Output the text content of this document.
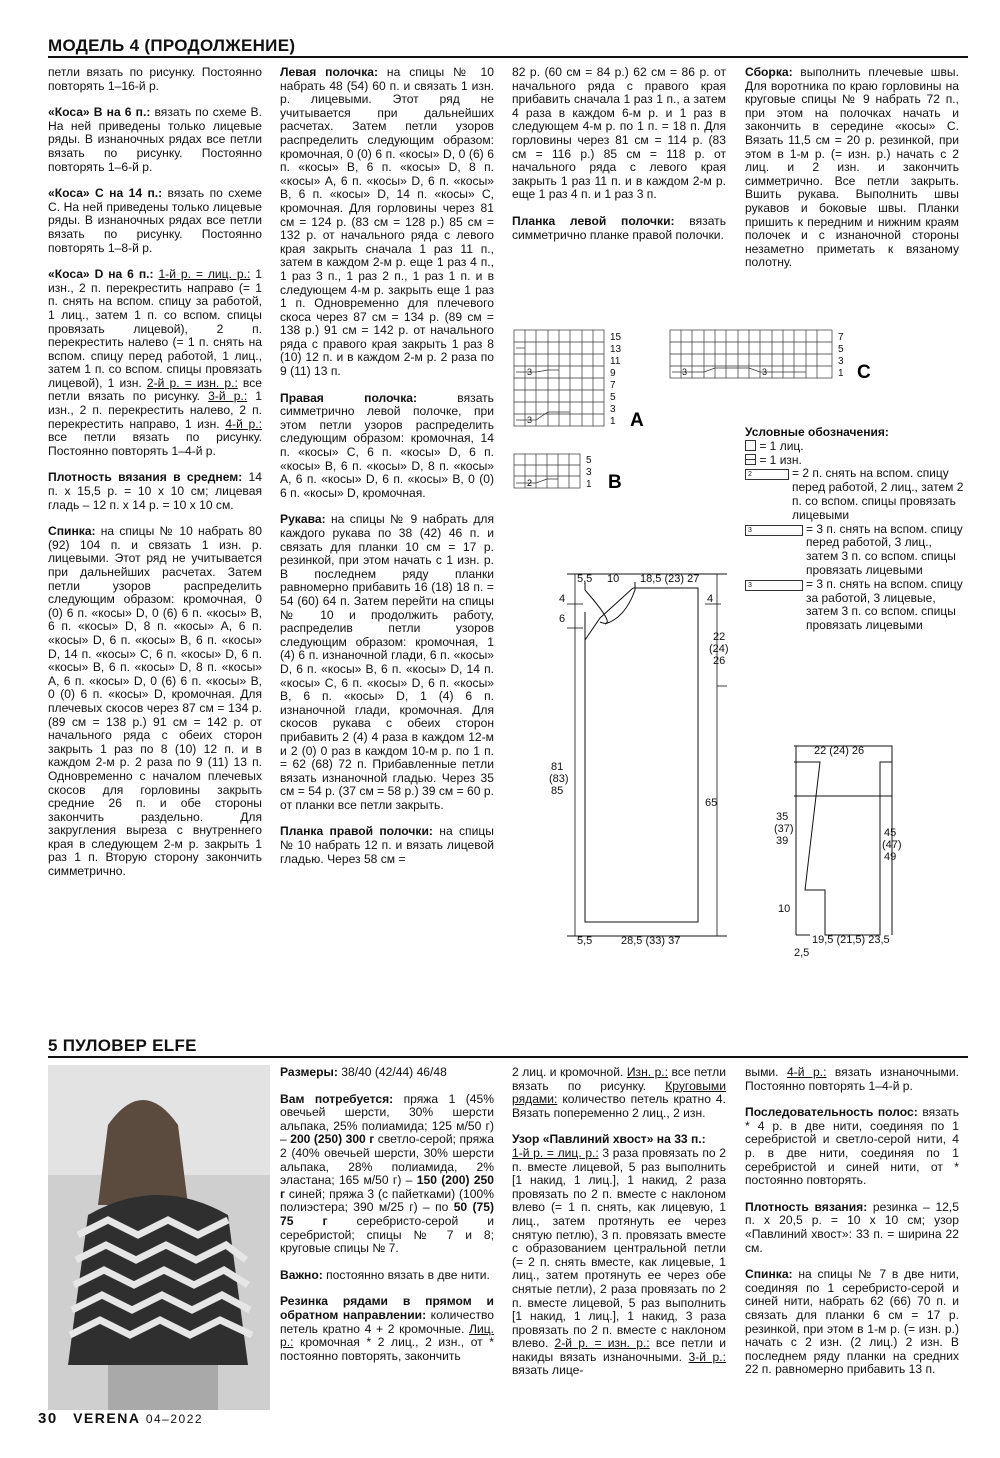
МОДЕЛЬ 4 (ПРОДОЛЖЕНИЕ)

петли вязать по рисунку. Постоянно повторять 1–16-й р.

«Коса» В на 6 п.: вязать по схеме В. На ней приведены только лицевые ряды. В изнаночных рядах все петли вязать по рисунку. Постоянно повторять 1–6-й р.

«Коса» С на 14 п.: вязать по схеме С. На ней приведены только лицевые ряды. В изнаночных рядах все петли вязать по рисунку. Постоянно повторять 1–8-й р.

«Коса» D на 6 п.: 1-й р. = лиц. р.: 1 изн., 2 п. перекрестить направо (= 1 п. снять на вспом. спицу за работой, 1 лиц., затем 1 п. со вспом. спицы провязать лицевой), 2 п. перекрестить налево (= 1 п. снять на вспом. спицу перед работой, 1 лиц., затем 1 п. со вспом. спицы провязать лицевой), 1 изн. 2-й р. = изн. р.: все петли вязать по рисунку. 3-й р.: 1 изн., 2 п. перекрестить налево, 2 п. перекрестить направо, 1 изн. 4-й р.: все петли вязать по рисунку. Постоянно повторять 1–4-й р.

Плотность вязания в среднем: 14 п. х 15,5 р. = 10 х 10 см; лицевая гладь – 12 п. х 14 р. = 10 х 10 см.

Спинка: на спицы № 10 набрать 80 (92) 104 п. и связать 1 изн. р. лицевыми. Этот ряд не учитывается при дальнейших расчетах. Затем петли узоров распределить следующим образом: кромочная, 0 (0) 6 п. «косы» D, 0 (6) 6 п. «косы» В, 6 п. «косы» D, 8 п. «косы» А, 6 п. «косы» D, 6 п. «косы» В, 6 п. «косы» D, 14 п. «косы» С, 6 п. «косы» D, 6 п. «косы» В, 6 п. «косы» D, 8 п. «косы» А, 6 п. «косы» D, 0 (6) 6 п. «косы» В, 0 (0) 6 п. «косы» D, кромочная. Для плечевых скосов через 87 см = 134 р. (89 см = 138 р.) 91 см = 142 р. от начального ряда с обеих сторон закрыть 1 раз по 8 (10) 12 п. и в каждом 2-м р. 2 раза по 9 (11) 13 п. Одновременно с началом плечевых скосов для горловины закрыть средние 26 п. и обе стороны закончить раздельно. Для закругления выреза с внутреннего края в следующем 2-м р. закрыть 1 раз 1 п. Вторую сторону закончить симметрично.

Левая полочка: на спицы № 10 набрать 48 (54) 60 п. и связать 1 изн. р. лицевыми. Этот ряд не учитывается при дальнейших расчетах. Затем петли узоров распределить следующим образом: кромочная, 0 (0) 6 п. «косы» D, 0 (6) 6 п. «косы» В, 6 п. «косы» D, 8 п. «косы» А, 6 п. «косы» D, 6 п. «косы» В, 6 п. «косы» D, 14 п. «косы» С, кромочная. Для горловины через 81 см = 124 р. (83 см = 128 р.) 85 см = 132 р. от начального ряда с левого края закрыть сначала 1 раз 11 п., затем в каждом 2-м р. еще 1 раз 4 п., 1 раз 3 п., 1 раз 2 п., 1 раз 1 п. и в следующем 4-м р. закрыть еще 1 раз 1 п. Одновременно для плечевого скоса через 87 см = 134 р. (89 см = 138 р.) 91 см = 142 р. от начального ряда с правого края закрыть 1 раз 8 (10) 12 п. и в каждом 2-м р. 2 раза по 9 (11) 13 п.

Правая полочка: вязать симметрично левой полочке, при этом петли узоров распределить следующим образом: кромочная, 14 п. «косы» С, 6 п. «косы» D, 6 п. «косы» В, 6 п. «косы» D, 8 п. «косы» А, 6 п. «косы» D, 6 п. «косы» В, 0 (0) 6 п. «косы» D, кромочная.

Рукава: на спицы № 9 набрать для каждого рукава по 38 (42) 46 п. и связать для планки 10 см = 17 р. резинкой, при этом начать с 1 изн. р. В последнем ряду планки равномерно прибавить 16 (18) 18 п. = 54 (60) 64 п. Затем перейти на спицы № 10 и продолжить работу, распределив петли узоров следующим образом: кромочная, 1 (4) 6 п. изнаночной глади, 6 п. «косы» D, 6 п. «косы» В, 6 п. «косы» D, 14 п. «косы» С, 6 п. «косы» D, 6 п. «косы» В, 6 п. «косы» D, 1 (4) 6 п. изнаночной глади, кромочная. Для скосов рукава с обеих сторон прибавить 2 (4) 4 раза в каждом 12-м и 2 (0) 0 раз в каждом 10-м р. по 1 п. = 62 (68) 72 п. Прибавленные петли вязать изнаночной гладью. Через 35 см = 54 р. (37 см = 58 р.) 39 см = 60 р. от планки все петли закрыть.

Планка правой полочки: на спицы № 10 набрать 12 п. и вязать лицевой гладью. Через 58 см =

82 р. (60 см = 84 р.) 62 см = 86 р. от начального ряда с правого края прибавить сначала 1 раз 1 п., а затем 4 раза в каждом 6-м р. и 1 раз в следующем 4-м р. по 1 п. = 18 п. Для горловины через 81 см = 114 р. (83 см = 116 р.) 85 см = 118 р. от начального ряда с левого края закрыть 1 раз 11 п. и в каждом 2-м р. еще 1 раз 4 п. и 1 раз 3 п.

Планка левой полочки: вязать симметрично планке правой полочки.

Сборка: выполнить плечевые швы. Для воротника по краю горловины на круговые спицы № 9 набрать 72 п., при этом на полочках начать и закончить в середине «косы» С. Вязать 11,5 см = 20 р. резинкой, при этом в 1-м р. (= изн. р.) начать с 2 лиц. и 2 изн. и закончить симметрично. Все петли закрыть. Вшить рукава. Выполнить швы рукавов и боковые швы. Планки пришить к передним и нижним краям полочек и с изнаночной стороны незаметно приметать к вязаному полотну.

3
3
15
13
11
9
7
5
3
1 A
2
5
3
1 B
3	3
7
5
3
1 C
Условные обозначения:
= 1 лиц.
= 1 изн.
2	= 2 п. снять на вспом. спицу перед работой, 2 лиц., затем 2 п. со вспом. спицы провязать лицевыми
3	= 3 п. снять на вспом. спицу перед работой, 3 лиц., затем 3 п. со вспом. спицы провязать лицевыми
3	= 3 п. снять на вспом. спицу за работой, 3 лицевые, затем 3 п. со вспом. спицы провязать лицевыми
5,5 10 18,5 (23) 27
4
6
4
22
(24)
26
81
(83)
85
65
5,5	28,5 (33) 37
22 (24) 26
35
(37)
39
45
(47)
49
10
19,5 (21,5) 23,5
2,5
5 ПУЛОВЕР ELFE

Размеры: 38/40 (42/44) 46/48

Вам потребуется: пряжа 1 (45% овечьей шерсти, 30% шерсти альпака, 25% полиамида; 125 м/50 г) – 200 (250) 300 г светло-серой; пряжа 2 (40% овечьей шерсти, 30% шерсти альпака, 28% полиамида, 2% эластана; 165 м/50 г) – 150 (200) 250 г синей; пряжа 3 (с пайетками) (100% полиэстера; 390 м/25 г) – по 50 (75) 75 г серебристо-серой и серебристой; спицы № 7 и 8; круговые спицы № 7.

Важно: постоянно вязать в две нити.

Резинка рядами в прямом и обратном направлении: количество петель кратно 4 + 2 кромочные. Лиц. р.: кромочная * 2 лиц., 2 изн., от * постоянно повторять, закончить

2 лиц. и кромочной. Изн. р.: все петли вязать по рисунку. Круговыми рядами: количество петель кратно 4. Вязать попеременно 2 лиц., 2 изн.

Узор «Павлиний хвост» на 33 п.:
1-й р. = лиц. р.: 3 раза провязать по 2 п. вместе лицевой, 5 раз выполнить [1 накид, 1 лиц.], 1 накид, 2 раза провязать по 2 п. вместе с наклоном влево (= 1 п. снять, как лицевую, 1 лиц., затем протянуть ее через снятую петлю), 3 п. провязать вместе с образованием центральной петли (= 2 п. снять вместе, как лицевые, 1 лиц., затем протянуть ее через обе снятые петли), 2 раза провязать по 2 п. вместе лицевой, 5 раз выполнить [1 накид, 1 лиц.], 1 накид, 3 раза провязать по 2 п. вместе с наклоном влево. 2-й р. = изн. р.: все петли и накиды вязать изнаночными. 3-й р.: вязать лице-

выми. 4-й р.: вязать изнаночными. Постоянно повторять 1–4-й р.

Последовательность полос: вязать * 4 р. в две нити, соединяя по 1 серебристой и светло-серой нити, 4 р. в две нити, соединяя по 1 серебристой и синей нити, от * постоянно повторять.

Плотность вязания: резинка – 12,5 п. х 20,5 р. = 10 х 10 см; узор «Павлиний хвост»: 33 п. = ширина 22 см.

Спинка: на спицы № 7 в две нити, соединяя по 1 серебристо-серой и синей нити, набрать 62 (66) 70 п. и связать для планки 6 см = 17 р. резинкой, при этом в 1-м р. (= изн. р.) начать с 2 изн. (2 лиц.) 2 изн. В последнем ряду планки на средних 22 п. равномерно прибавить 13 п.

30 VERENA 04–2022
